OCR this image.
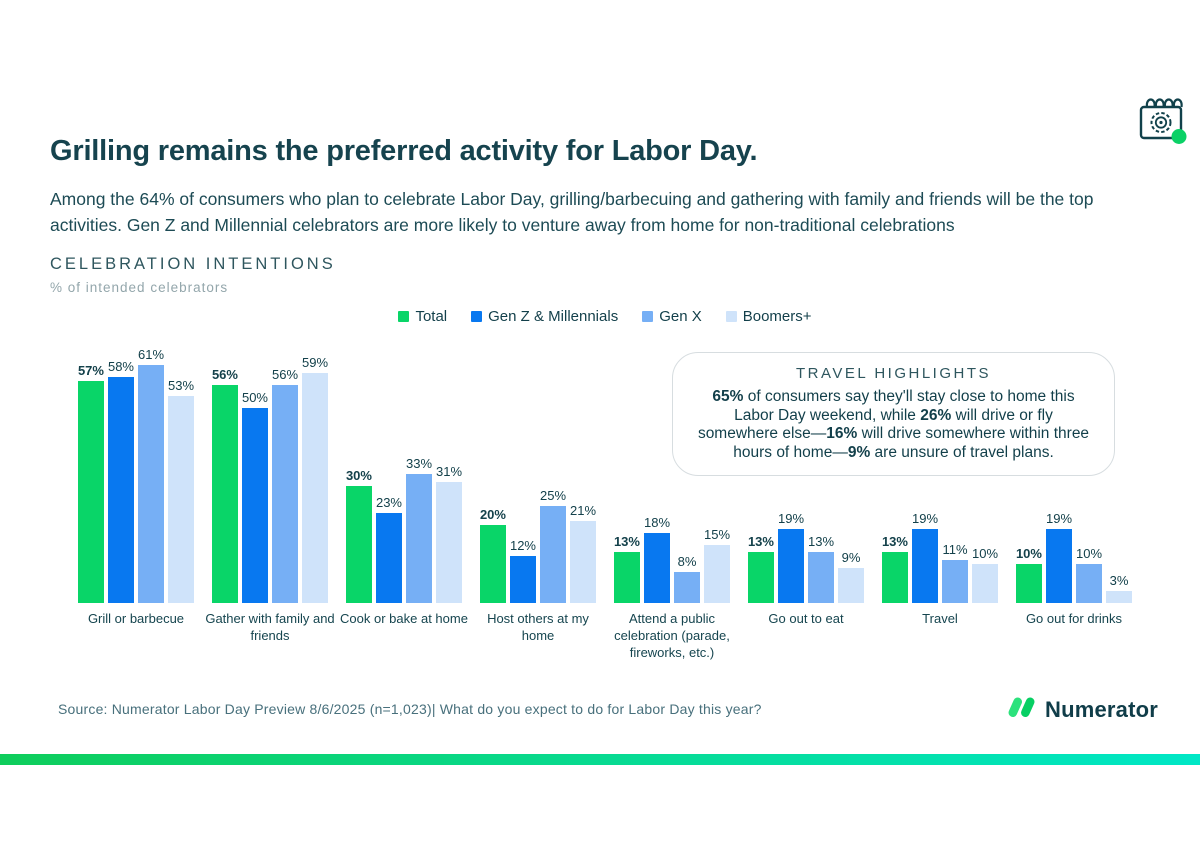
Grilling remains the preferred activity for Labor Day.
Among the 64% of consumers who plan to celebrate Labor Day, grilling/barbecuing and gathering with family and friends will be the top activities. Gen Z and Millennial celebrators are more likely to venture away from home for non-traditional celebrations
CELEBRATION INTENTIONS
% of intended celebrators
Total	Gen Z & Millennials	Gen X	Boomers+
57% 58%
61%
53%
Grill or barbecue
56%
50%
56%
59%
Gather with family and friends
30%
23%
33%
31%
Cook or bake at home
20%
12%
25%
21%
Host others at my home
13%
18%
8%
15%
Attend a public celebration (parade, fireworks, etc.)
13%
19%
13%
9%
Go out to eat
13%
19%
11% 10%
Travel
10%
19%
10%
3%
Go out for drinks
TRAVEL HIGHLIGHTS

65% of consumers say they'll stay close to home this Labor Day weekend, while 26% will drive or fly somewhere else—16% will drive somewhere within three hours of home—9% are unsure of travel plans.

Source: Numerator Labor Day Preview 8/6/2025 (n=1,023)| What do you expect to do for Labor Day this year?	Numerator
